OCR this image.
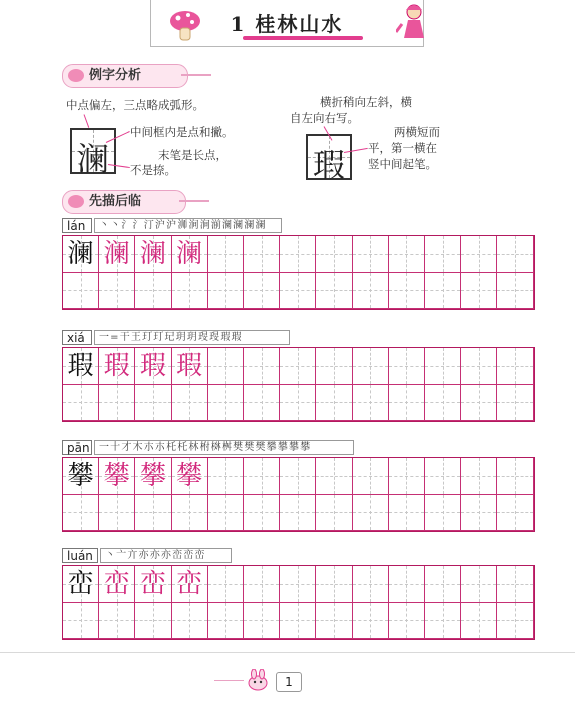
1 桂林山水
例字分析
中点偏左，三点略成弧形。
澜
中间框内是点和撇。
末笔是长点，
不是捺。
横折稍向左斜，横
自左向右写。
瑕
两横短而
平，第一横在
竖中间起笔。
先描后临
lán	丶 丶 氵 氵 汀 沪 沪 浉 涧 涧 湔 澜 澜 澜 澜
澜 澜 澜 澜
xiá	一 = 干 王 玎 玎 玘 玥 玥 琝 琝 瑕 瑕
瑕 瑕 瑕 瑕
pān 一 十 才 木 朩 朩 杔 杔 林 柎 棥 桝 樊 樊 樊 攀 攀 攀 攀
攀 攀 攀 攀
luán	丶 亠 亣 亦 亦 亦 峦 峦 峦
峦 峦 峦 峦
1
